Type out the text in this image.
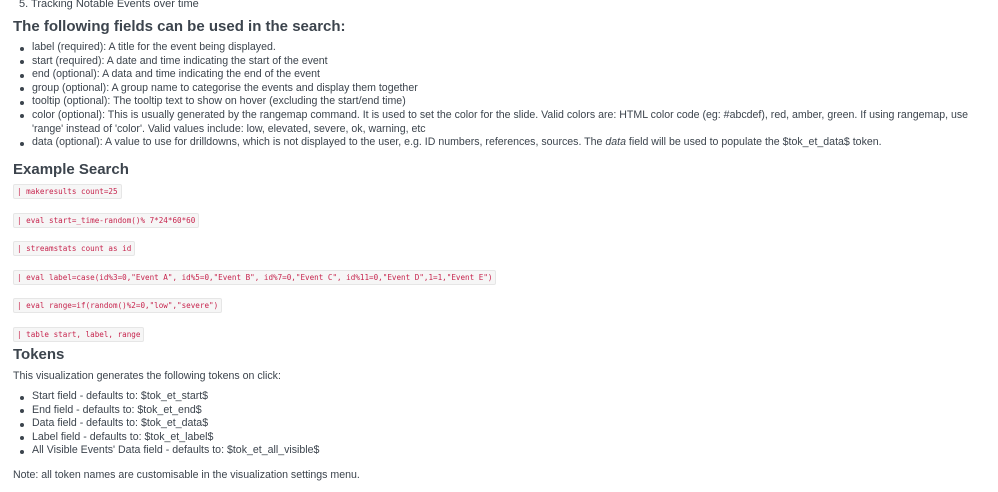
5. Tracking Notable Events over time
The following fields can be used in the search:
label (required): A title for the event being displayed.
start (required): A date and time indicating the start of the event
end (optional): A data and time indicating the end of the event
group (optional): A group name to categorise the events and display them together
tooltip (optional): The tooltip text to show on hover (excluding the start/end time)
color (optional): This is usually generated by the rangemap command. It is used to set the color for the slide. Valid colors are: HTML color code (eg: #abcdef), red, amber, green. If using rangemap, use 'range' instead of 'color'. Valid values include: low, elevated, severe, ok, warning, etc
data (optional): A value to use for drilldowns, which is not displayed to the user, e.g. ID numbers, references, sources. The data field will be used to populate the $tok_et_data$ token.
Example Search
| makeresults count=25
| eval start=_time-random()% 7*24*60*60
| streamstats count as id
| eval label=case(id%3=0,"Event A", id%5=0,"Event B", id%7=0,"Event C", id%11=0,"Event D",1=1,"Event E")
| eval range=if(random()%2=0,"low","severe")
| table start, label, range
Tokens
This visualization generates the following tokens on click:
Start field - defaults to: $tok_et_start$
End field - defaults to: $tok_et_end$
Data field - defaults to: $tok_et_data$
Label field - defaults to: $tok_et_label$
All Visible Events' Data field - defaults to: $tok_et_all_visible$
Note: all token names are customisable in the visualization settings menu.
